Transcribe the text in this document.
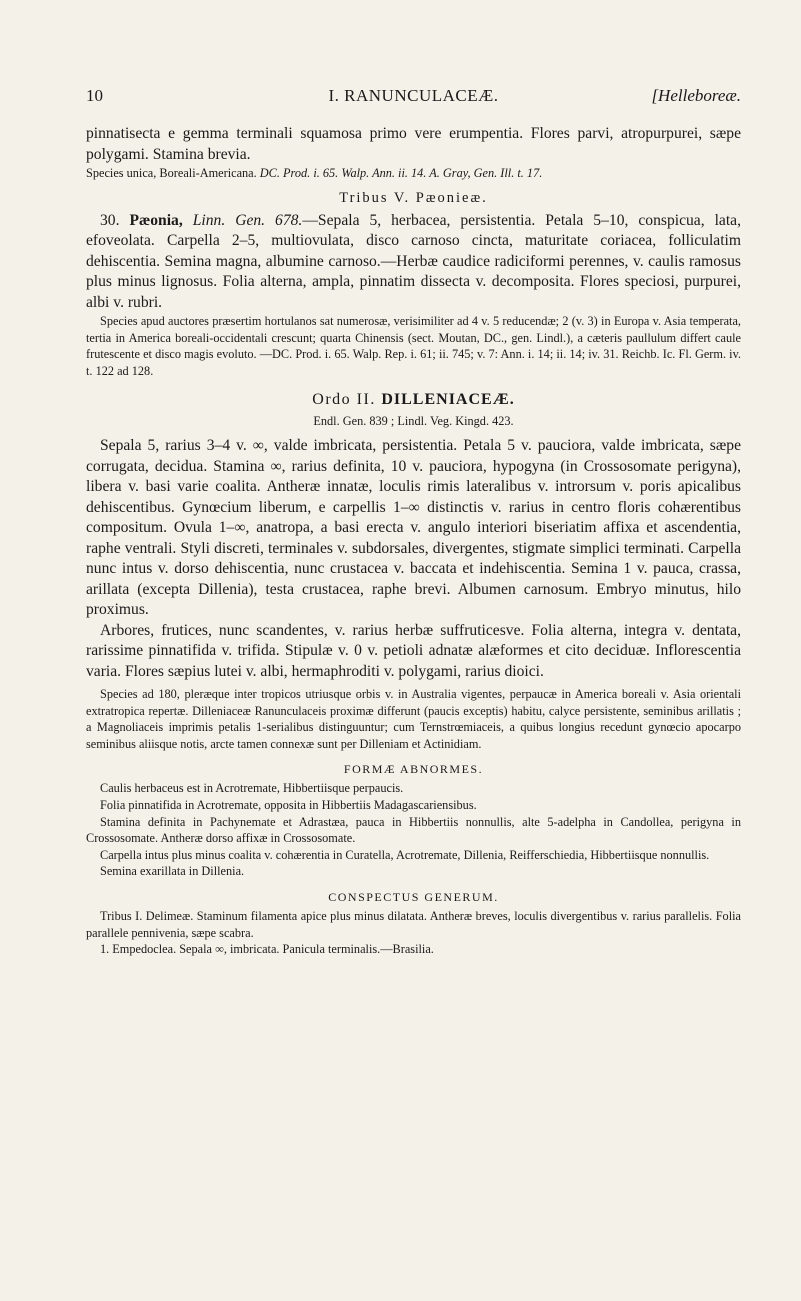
10	I. RANUNCULACEÆ.	[Helleboreæ.

pinnatisecta e gemma terminali squamosa primo vere erumpentia. Flores parvi, atropurpurei, sæpe polygami. Stamina brevia.

Species unica, Boreali-Americana. DC. Prod. i. 65. Walp. Ann. ii. 14. A. Gray, Gen. Ill. t. 17.

Tribus V. Pæonieæ.

30. Pæonia, Linn. Gen. 678.—Sepala 5, herbacea, persistentia. Petala 5–10, conspicua, lata, efoveolata. Carpella 2–5, multiovulata, disco carnoso cincta, maturitate coriacea, folliculatim dehiscentia. Semina magna, albumine carnoso.—Herbæ caudice radiciformi perennes, v. caulis ramosus plus minus lignosus. Folia alterna, ampla, pinnatim dissecta v. decomposita. Flores speciosi, purpurei, albi v. rubri.

Species apud auctores præsertim hortulanos sat numerosæ, verisimiliter ad 4 v. 5 reducendæ; 2 (v. 3) in Europa v. Asia temperata, tertia in America boreali-occidentali crescunt; quarta Chinensis (sect. Moutan, DC., gen. Lindl.), a cæteris paullulum differt caule frutescente et disco magis evoluto. —DC. Prod. i. 65. Walp. Rep. i. 61; ii. 745; v. 7: Ann. i. 14; ii. 14; iv. 31. Reichb. Ic. Fl. Germ. iv. t. 122 ad 128.

Ordo II. DILLENIACEÆ.

Endl. Gen. 839 ; Lindl. Veg. Kingd. 423.

Sepala 5, rarius 3–4 v. ∞, valde imbricata, persistentia. Petala 5 v. pauciora, valde imbricata, sæpe corrugata, decidua. Stamina ∞, rarius definita, 10 v. pauciora, hypogyna (in Crossosomate perigyna), libera v. basi varie coalita. Antheræ innatæ, loculis rimis lateralibus v. introrsum v. poris apicalibus dehiscentibus. Gynœcium liberum, e carpellis 1–∞ distinctis v. rarius in centro floris cohærentibus compositum. Ovula 1–∞, anatropa, a basi erecta v. angulo interiori biseriatim affixa et ascendentia, raphe ventrali. Styli discreti, terminales v. subdorsales, divergentes, stigmate simplici terminati. Carpella nunc intus v. dorso dehiscentia, nunc crustacea v. baccata et indehiscentia. Semina 1 v. pauca, crassa, arillata (excepta Dillenia), testa crustacea, raphe brevi. Albumen carnosum. Embryo minutus, hilo proximus.

Arbores, frutices, nunc scandentes, v. rarius herbæ suffruticesve. Folia alterna, integra v. dentata, rarissime pinnatifida v. trifida. Stipulæ v. 0 v. petioli adnatæ alæformes et cito deciduæ. Inflorescentia varia. Flores sæpius lutei v. albi, hermaphroditi v. polygami, rarius dioici.

Species ad 180, pleræque inter tropicos utriusque orbis v. in Australia vigentes, perpaucæ in America boreali v. Asia orientali extratropica repertæ. Dilleniaceæ Ranunculaceis proximæ differunt (paucis exceptis) habitu, calyce persistente, seminibus arillatis ; a Magnoliaceis imprimis petalis 1-serialibus distinguuntur; cum Ternstrœmiaceis, a quibus longius recedunt gynœcio apocarpo seminibus aliisque notis, arcte tamen connexæ sunt per Dilleniam et Actinidiam.

FORMÆ ABNORMES.

Caulis herbaceus est in Acrotremate, Hibbertiisque perpaucis.

Folia pinnatifida in Acrotremate, opposita in Hibbertiis Madagascariensibus.

Stamina definita in Pachynemate et Adrastæa, pauca in Hibbertiis nonnullis, alte 5-adelpha in Candollea, perigyna in Crossosomate. Antheræ dorso affixæ in Crossosomate.

Carpella intus plus minus coalita v. cohærentia in Curatella, Acrotremate, Dillenia, Reifferschiedia, Hibbertiisque nonnullis.

Semina exarillata in Dillenia.

CONSPECTUS GENERUM.

Tribus I. Delimeæ. Staminum filamenta apice plus minus dilatata. Antheræ breves, loculis divergentibus v. rarius parallelis. Folia parallele pennivenia, sæpe scabra.

1. Empedoclea. Sepala ∞, imbricata. Panicula terminalis.—Brasilia.
